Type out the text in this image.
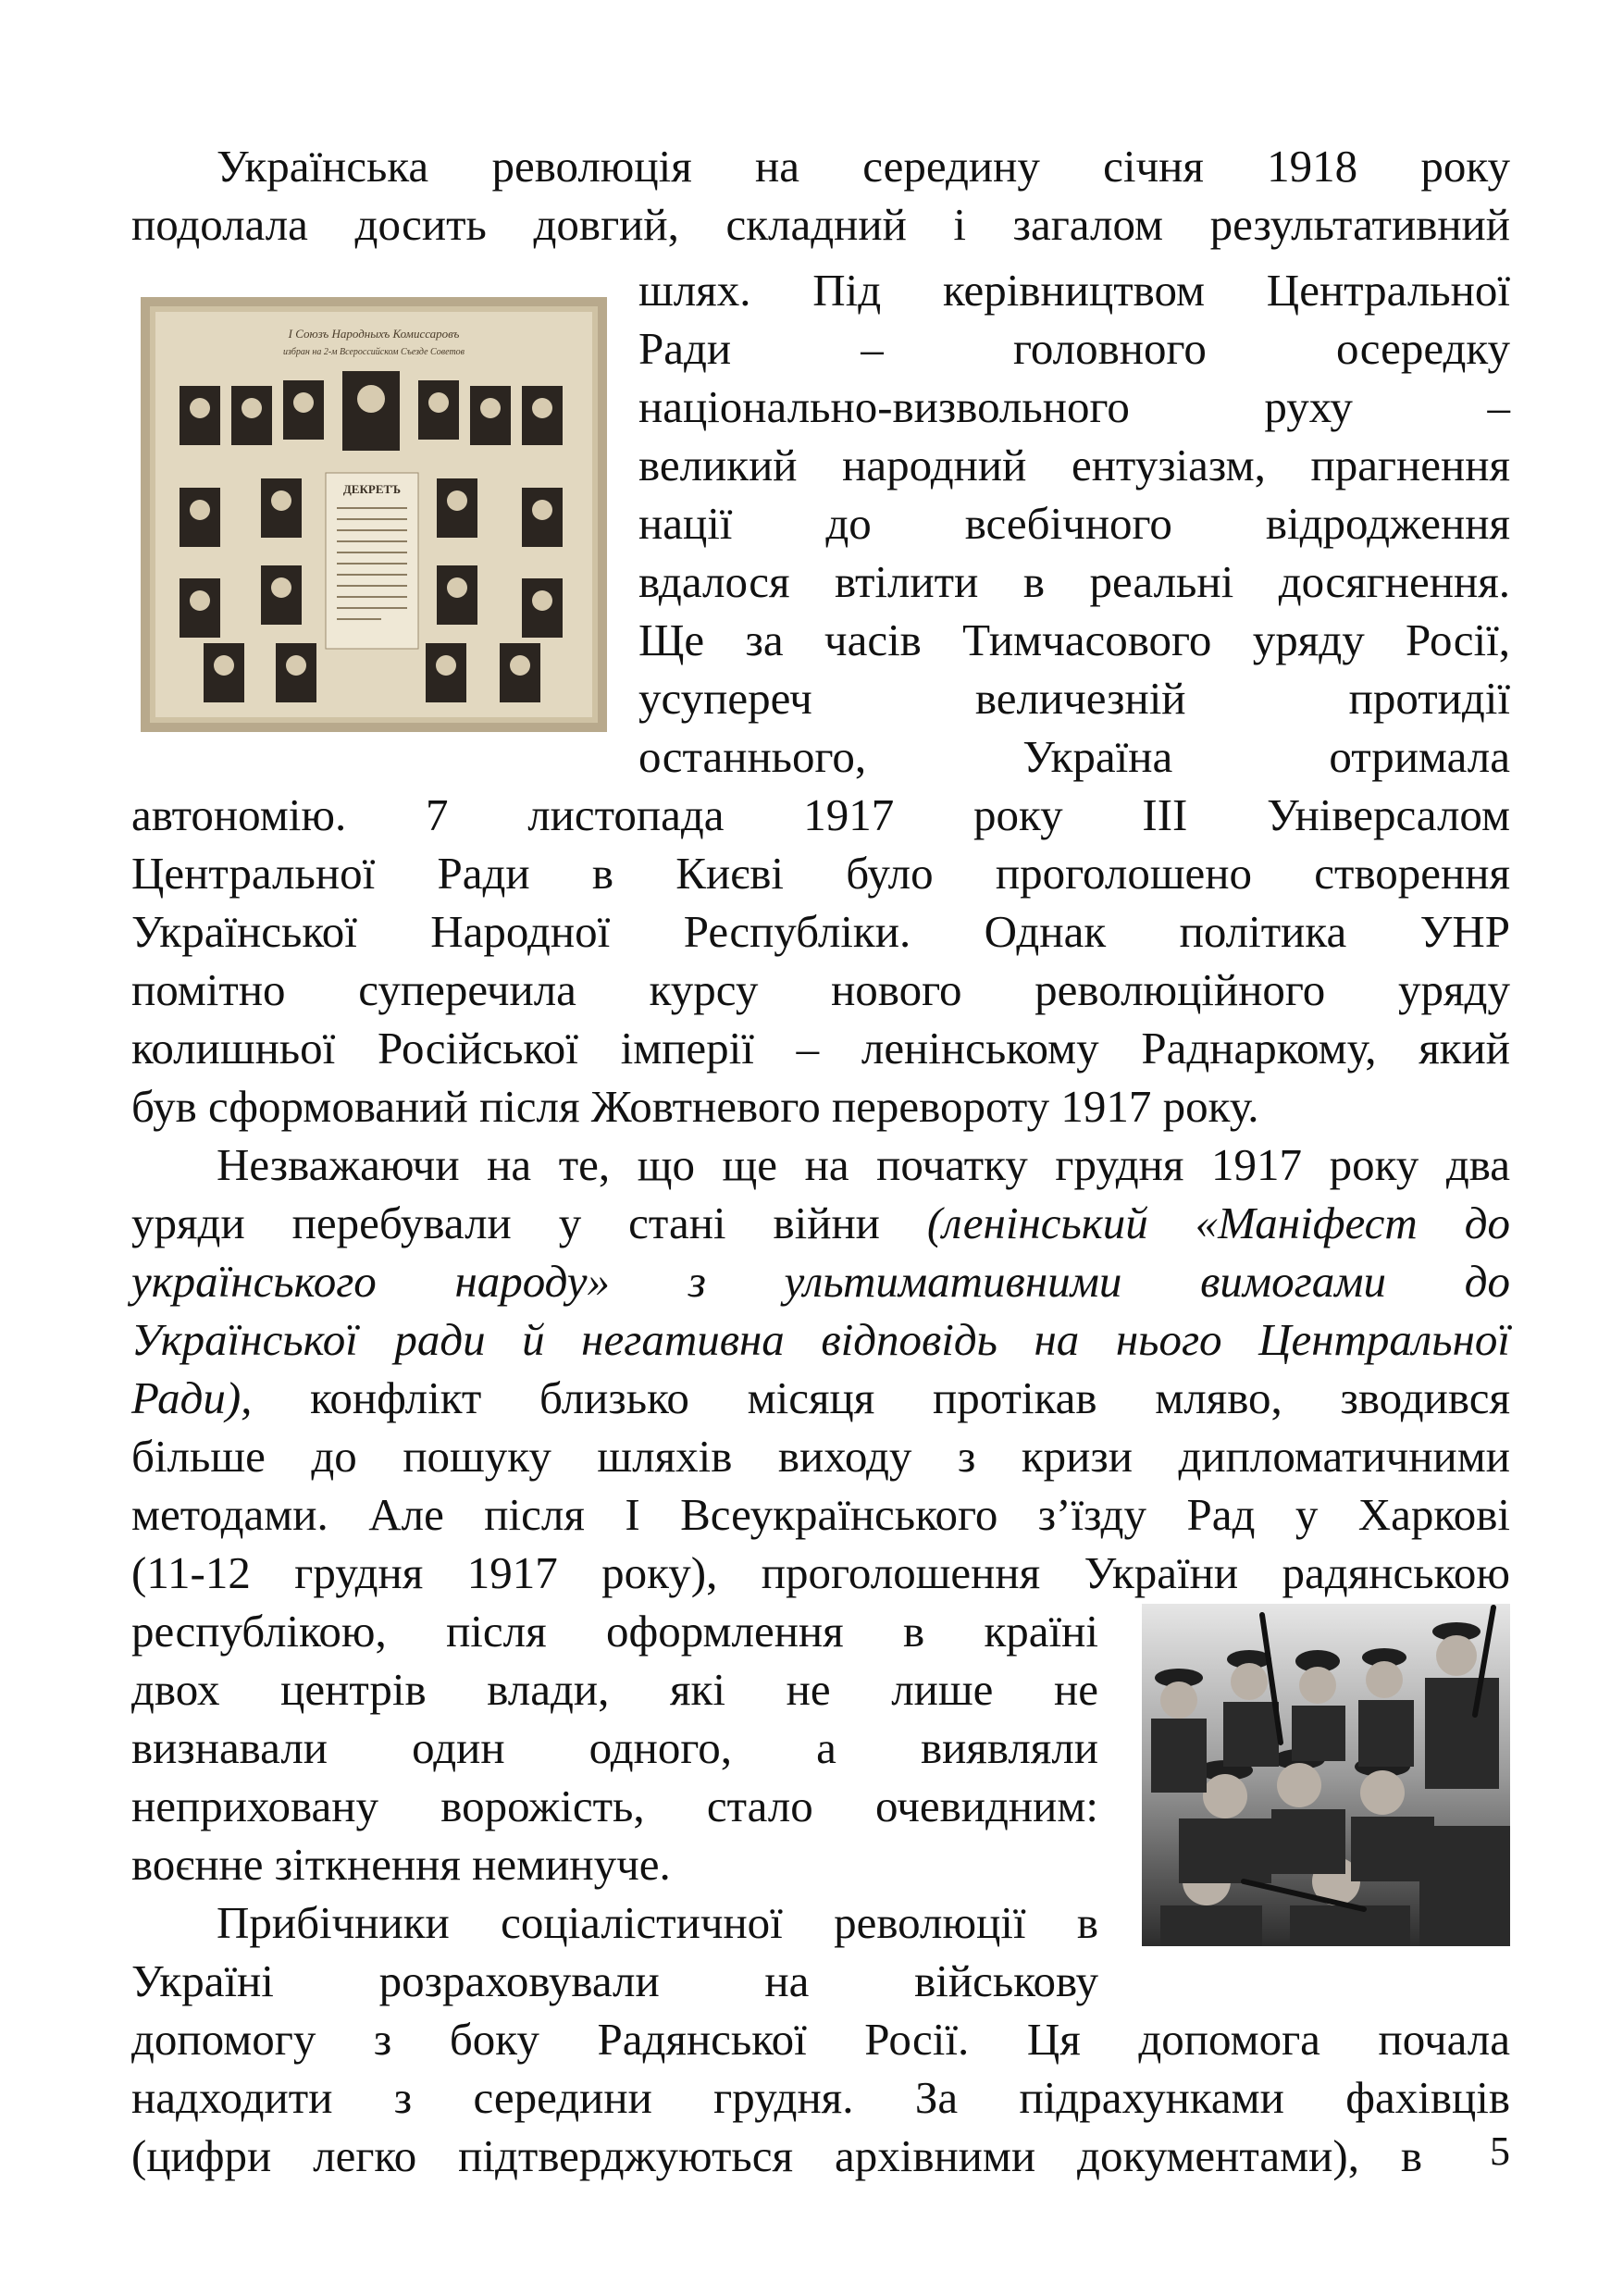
Українська революція на середину січня 1918 року
подолала досить довгий, складний і загалом результативний
шлях. Під керівництвом Центральної
Ради – головного осередку
національно-визвольного руху –
великий народний ентузіазм, прагнення
нації до всебічного відродження
вдалося втілити в реальні досягнення.
Ще за часів Тимчасового уряду Росії,
усупереч величезній протидії
останнього, Україна отримала
автономію. 7 листопада 1917 року ІІІ Універсалом
Центральної Ради в Києві було проголошено створення
Української Народної Республіки. Однак політика УНР
помітно суперечила курсу нового революційного уряду
колишньої Російської імперії – ленінському Раднаркому, який
був сформований після Жовтневого перевороту 1917 року.
Незважаючи на те, що ще на початку грудня 1917 року два
уряди перебували у стані війни (ленінський «Маніфест до
українського народу» з ультимативними вимогами до
Української ради й негативна відповідь на нього Центральної
Ради), конфлікт близько місяця протікав мляво, зводився
більше до пошуку шляхів виходу з кризи дипломатичними
методами. Але після І Всеукраїнського з’їзду Рад у Харкові
(11-12 грудня 1917 року), проголошення України радянською
республікою, після оформлення в країні
двох центрів влади, які не лише не
визнавали один одного, а виявляли
неприховану ворожість, стало очевидним:
воєнне зіткнення неминуче.
Прибічники соціалістичної революції в
Україні розраховували на військову
допомогу з боку Радянської Росії. Ця допомога почала
надходити з середини грудня. За підрахунками фахівців
(цифри легко підтверджуються архівними документами), в
І Союзъ Народныхъ Комиссаровъ
избран на 2-м Всероссийском Съезде Советов
ДЕКРЕТЪ
5
